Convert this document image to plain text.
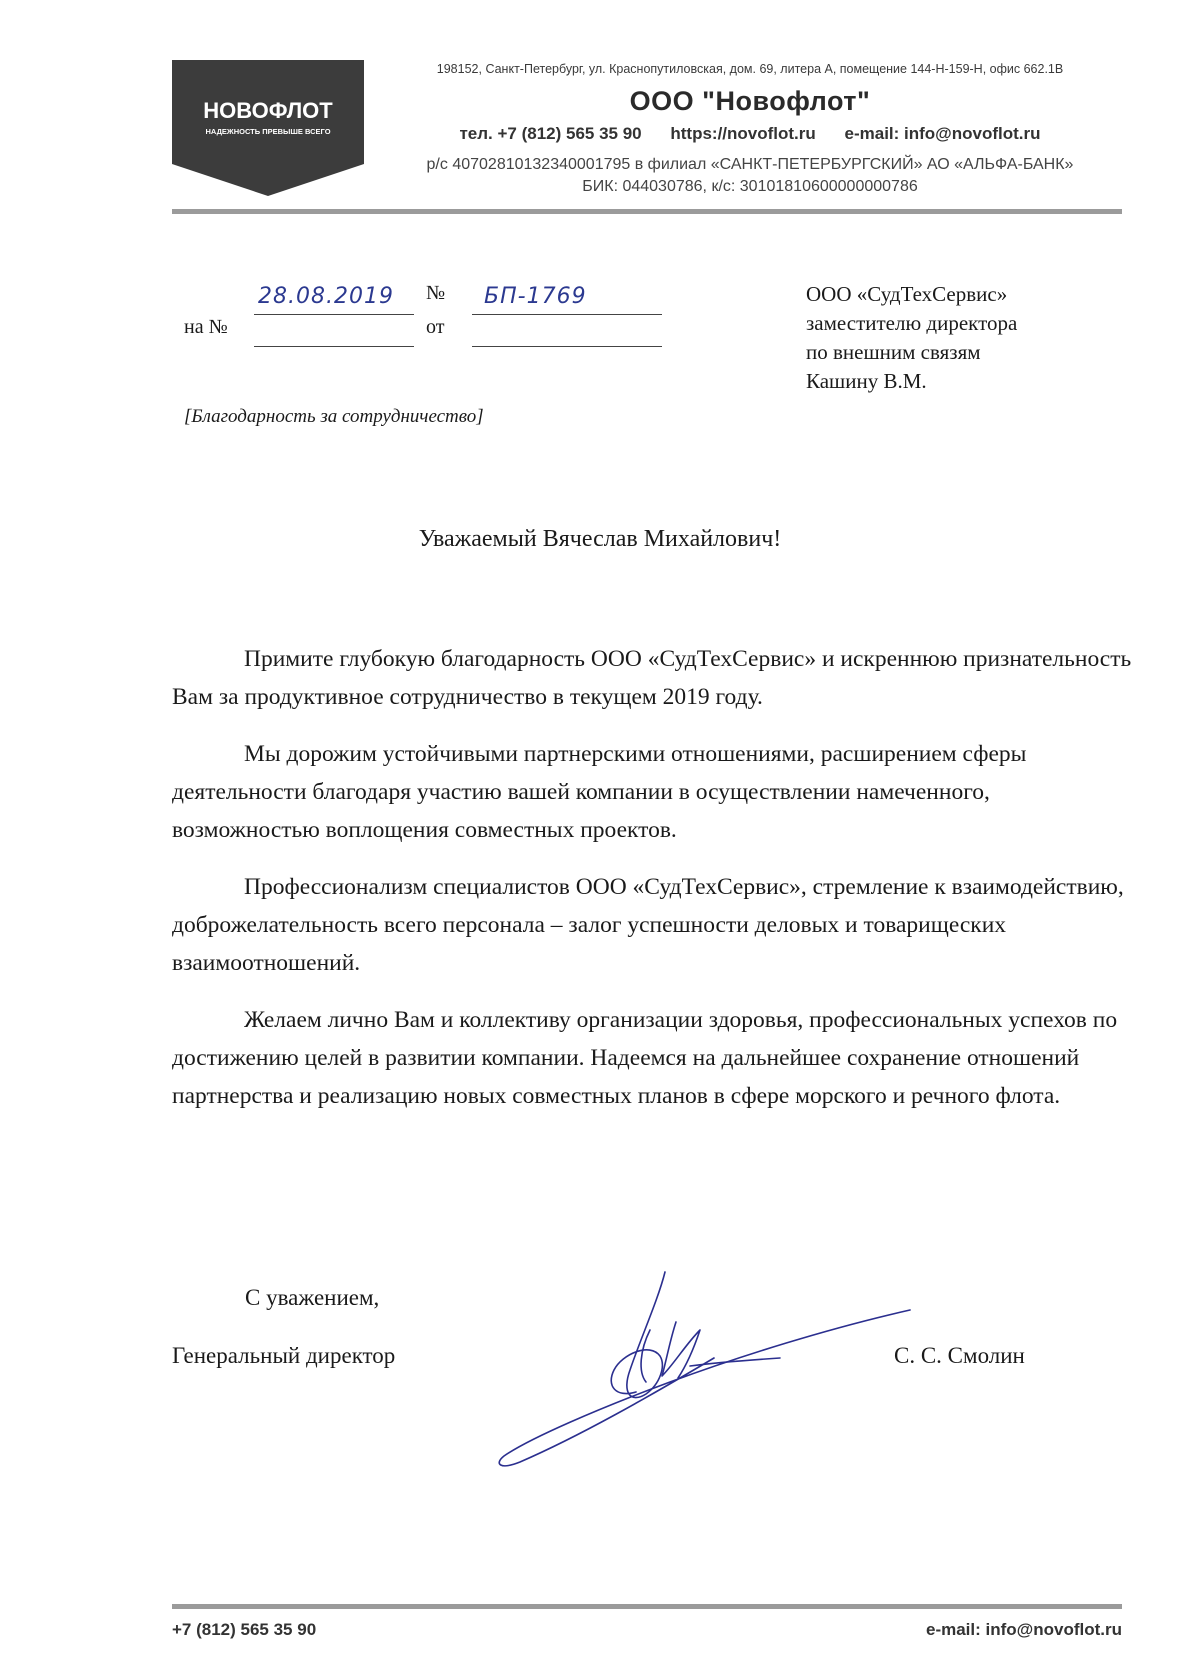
НОВОФЛОТ
НАДЕЖНОСТЬ ПРЕВЫШЕ ВСЕГО
198152, Санкт-Петербург, ул. Краснопутиловская, дом. 69, литера А, помещение 144-Н-159-Н, офис 662.1В
ООО "Новофлот"
тел. +7 (812) 565 35 90 https://novoflot.ru e-mail: info@novoflot.ru
р/с 40702810132340001795 в филиал «САНКТ-ПЕТЕРБУРГСКИЙ» АО «АЛЬФА-БАНК»
БИК: 044030786, к/с: 30101810600000000786
28.08.2019 № БП-1769
на №	от
ООО «СудТехСервис»
заместителю директора
по внешним связям
Кашину В.М.
[Благодарность за сотрудничество]
Уважаемый Вячеслав Михайлович!

Примите глубокую благодарность ООО «СудТехСервис» и искреннюю признательность Вам за продуктивное сотрудничество в текущем 2019 году.

Мы дорожим устойчивыми партнерскими отношениями, расширением сферы деятельности благодаря участию вашей компании в осуществлении намеченного, возможностью воплощения совместных проектов.

Профессионализм специалистов ООО «СудТехСервис», стремление к взаимодействию, доброжелательность всего персонала – залог успешности деловых и товарищеских взаимоотношений.

Желаем лично Вам и коллективу организации здоровья, профессиональных успехов по достижению целей в развитии компании. Надеемся на дальнейшее сохранение отношений партнерства и реализацию новых совместных планов в сфере морского и речного флота.

С уважением,
Генеральный директор	С. С. Смолин
+7 (812) 565 35 90	e-mail: info@novoflot.ru
